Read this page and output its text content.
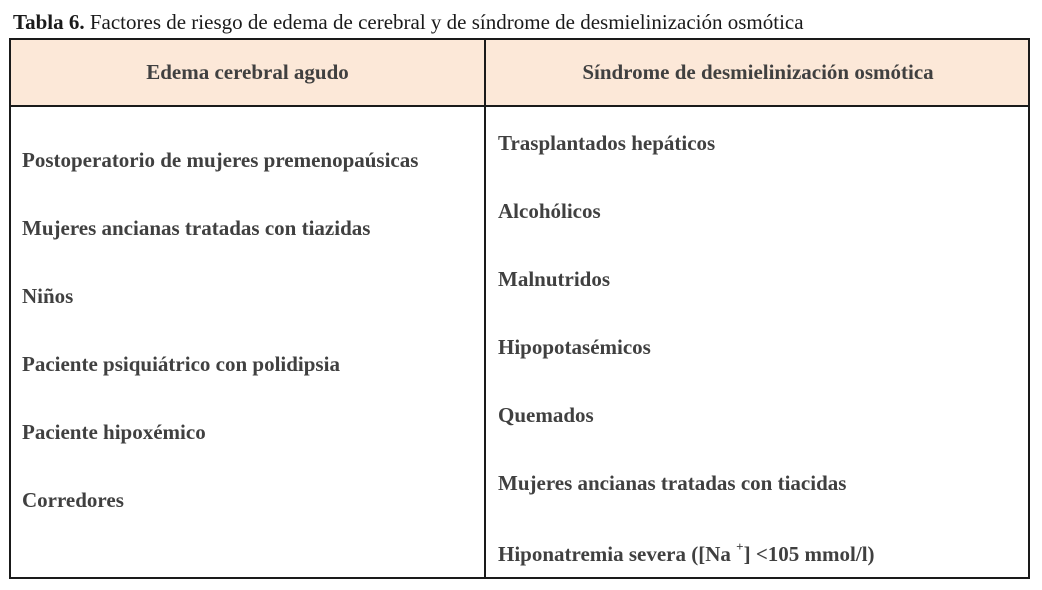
Tabla 6. Factores de riesgo de edema de cerebral y de síndrome de desmielinización osmótica
Edema cerebral agudo	Síndrome de desmielinización osmótica
Postoperatorio de mujeres premenopaúsicas
Mujeres ancianas tratadas con tiazidas
Niños
Paciente psiquiátrico con polidipsia
Paciente hipoxémico
Corredores
Trasplantados hepáticos
Alcohólicos
Malnutridos
Hipopotasémicos
Quemados
Mujeres ancianas tratadas con tiacidas
Hiponatremia severa ([Na +] <105 mmol/l)
